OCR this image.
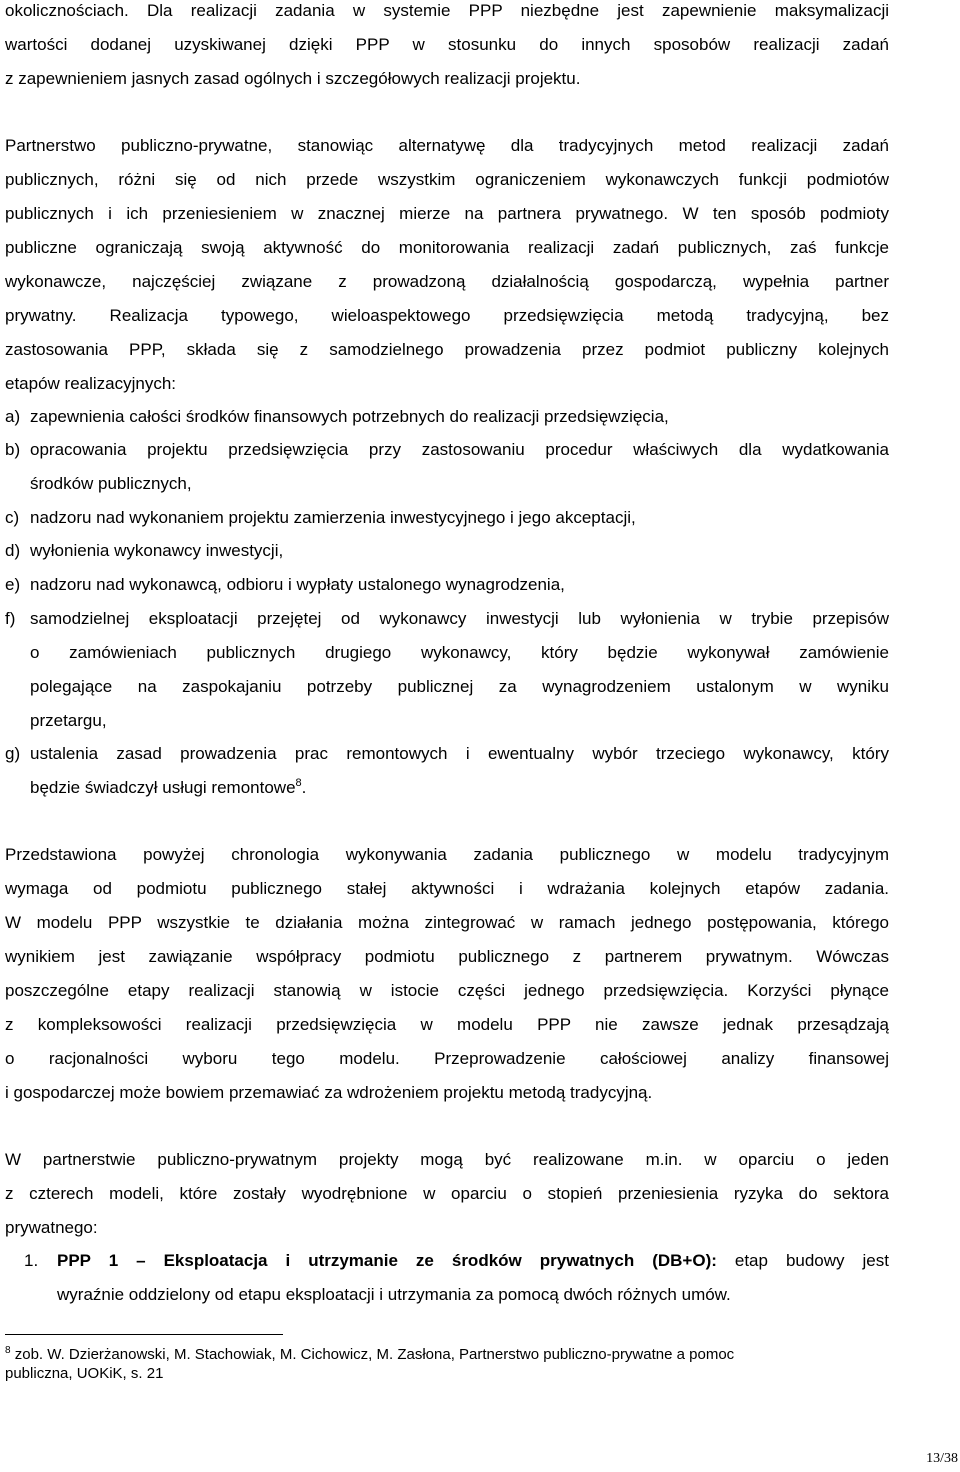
okolicznościach. Dla realizacji zadania w systemie PPP niezbędne jest zapewnienie maksymalizacji
wartości dodanej uzyskiwanej dzięki PPP w stosunku do innych sposobów realizacji zadań
z zapewnieniem jasnych zasad ogólnych i szczegółowych realizacji projektu.
Partnerstwo publiczno-prywatne, stanowiąc alternatywę dla tradycyjnych metod realizacji zadań
publicznych, różni się od nich przede wszystkim ograniczeniem wykonawczych funkcji podmiotów
publicznych i ich przeniesieniem w znacznej mierze na partnera prywatnego. W ten sposób podmioty
publiczne ograniczają swoją aktywność do monitorowania realizacji zadań publicznych, zaś funkcje
wykonawcze, najczęściej związane z prowadzoną działalnością gospodarczą, wypełnia partner
prywatny. Realizacja typowego, wieloaspektowego przedsięwzięcia metodą tradycyjną, bez
zastosowania PPP, składa się z samodzielnego prowadzenia przez podmiot publiczny kolejnych
etapów realizacyjnych:
a) zapewnienia całości środków finansowych potrzebnych do realizacji przedsięwzięcia,
b) opracowania projektu przedsięwzięcia przy zastosowaniu procedur właściwych dla wydatkowania
środków publicznych,
c) nadzoru nad wykonaniem projektu zamierzenia inwestycyjnego i jego akceptacji,
d) wyłonienia wykonawcy inwestycji,
e) nadzoru nad wykonawcą, odbioru i wypłaty ustalonego wynagrodzenia,
f) samodzielnej eksploatacji przejętej od wykonawcy inwestycji lub wyłonienia w trybie przepisów
o zamówieniach publicznych drugiego wykonawcy, który będzie wykonywał zamówienie
polegające na zaspokajaniu potrzeby publicznej za wynagrodzeniem ustalonym w wyniku
przetargu,
g) ustalenia zasad prowadzenia prac remontowych i ewentualny wybór trzeciego wykonawcy, który
będzie świadczył usługi remontowe$^8$.
Przedstawiona powyżej chronologia wykonywania zadania publicznego w modelu tradycyjnym
wymaga od podmiotu publicznego stałej aktywności i wdrażania kolejnych etapów zadania.
W modelu PPP wszystkie te działania można zintegrować w ramach jednego postępowania, którego
wynikiem jest zawiązanie współpracy podmiotu publicznego z partnerem prywatnym. Wówczas
poszczególne etapy realizacji stanowią w istocie części jednego przedsięwzięcia. Korzyści płynące
z kompleksowości realizacji przedsięwzięcia w modelu PPP nie zawsze jednak przesądzają
o racjonalności wyboru tego modelu. Przeprowadzenie całościowej analizy finansowej
i gospodarczej może bowiem przemawiać za wdrożeniem projektu metodą tradycyjną.
W partnerstwie publiczno-prywatnym projekty mogą być realizowane m.in. w oparciu o jeden
z czterech modeli, które zostały wyodrębnione w oparciu o stopień przeniesienia ryzyka do sektora
prywatnego:
1. PPP 1 – Eksploatacja i utrzymanie ze środków prywatnych (DB+O): etap budowy jest
wyraźnie oddzielony od etapu eksploatacji i utrzymania za pomocą dwóch różnych umów.
$^8$ zob. W. Dzierżanowski, M. Stachowiak, M. Cichowicz, M. Zasłona, Partnerstwo publiczno-prywatne a pomoc
publiczna, UOKiK, s. 21
13/38
